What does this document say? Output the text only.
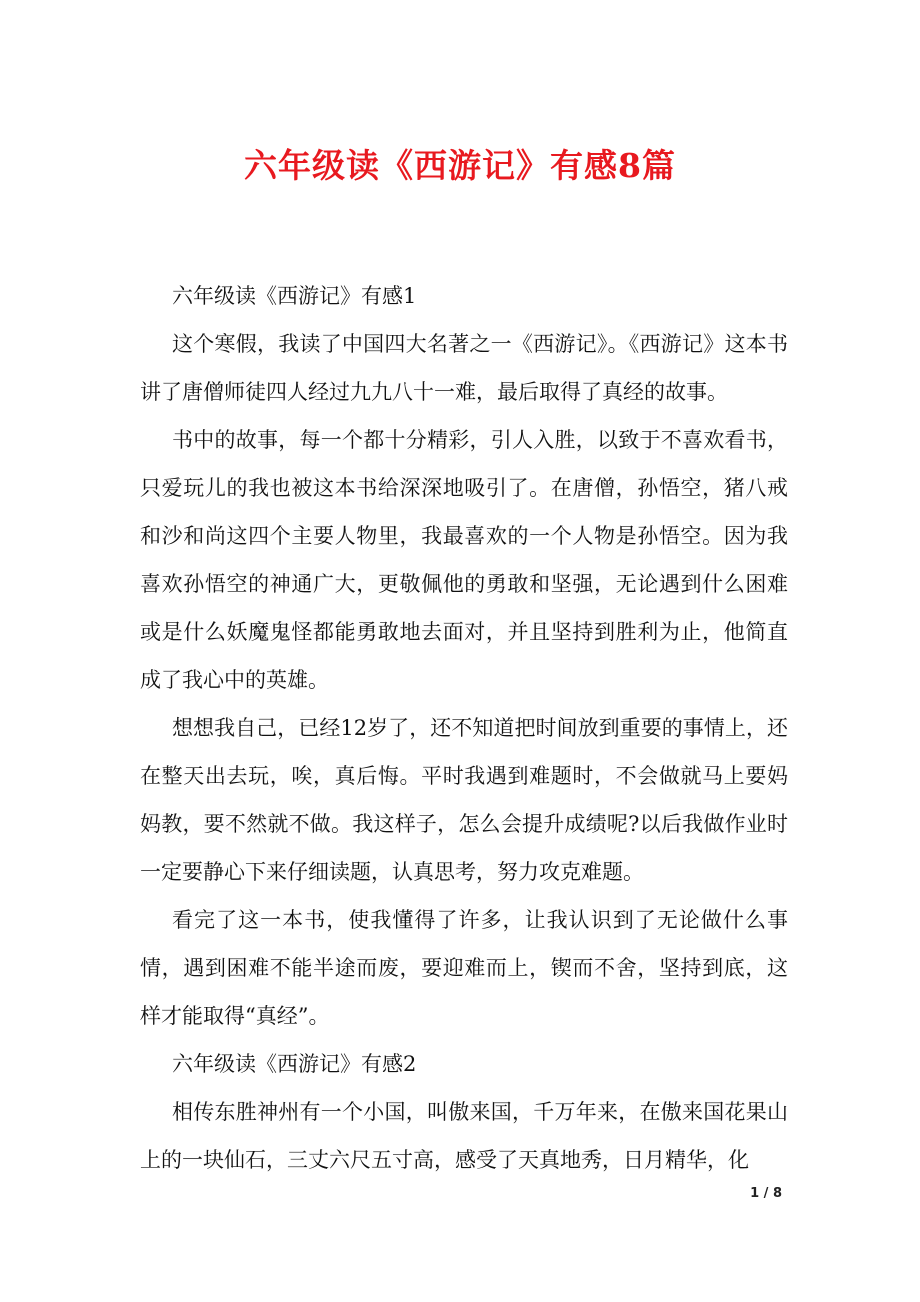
六年级读《西游记》有感8篇

六年级读《西游记》有感1

这个寒假，我读了中国四大名著之一《西游记》。《西游记》这本书讲了唐僧师徒四人经过九九八十一难，最后取得了真经的故事。

书中的故事，每一个都十分精彩，引人入胜，以致于不喜欢看书，只爱玩儿的我也被这本书给深深地吸引了。在唐僧，孙悟空，猪八戒和沙和尚这四个主要人物里，我最喜欢的一个人物是孙悟空。因为我喜欢孙悟空的神通广大，更敬佩他的勇敢和坚强，无论遇到什么困难或是什么妖魔鬼怪都能勇敢地去面对，并且坚持到胜利为止，他简直成了我心中的英雄。

想想我自己，已经12岁了，还不知道把时间放到重要的事情上，还在整天出去玩，唉，真后悔。平时我遇到难题时，不会做就马上要妈妈教，要不然就不做。我这样子，怎么会提升成绩呢?以后我做作业时一定要静心下来仔细读题，认真思考，努力攻克难题。

看完了这一本书，使我懂得了许多，让我认识到了无论做什么事情，遇到困难不能半途而废，要迎难而上，锲而不舍，坚持到底，这样才能取得“真经”。

六年级读《西游记》有感2

相传东胜神州有一个小国，叫傲来国，千万年来，在傲来国花果山上的一块仙石，三丈六尺五寸高，感受了天真地秀，日月精华，化

1 / 8
